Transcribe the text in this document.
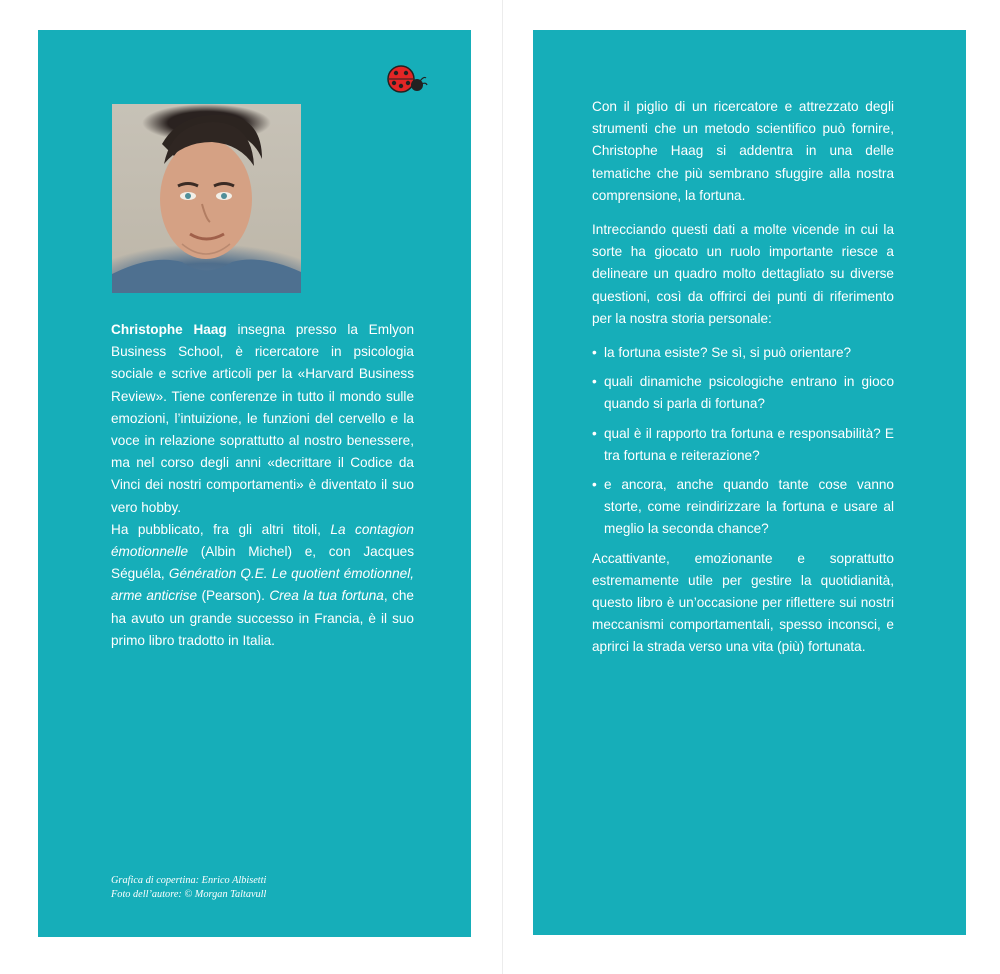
Christophe Haag insegna presso la Emlyon Business School, è ricercatore in psicologia sociale e scrive articoli per la «Harvard Business Review». Tiene conferenze in tutto il mondo sulle emozioni, l’intuizione, le funzioni del cervello e la voce in relazione soprattutto al nostro benessere, ma nel corso degli anni «decrittare il Codice da Vinci dei nostri comportamenti» è diventato il suo vero hobby.

Ha pubblicato, fra gli altri titoli, La contagion émotionnelle (Albin Michel) e, con Jacques Séguéla, Génération Q.E. Le quotient émotionnel, arme anticrise (Pearson). Crea la tua fortuna, che ha avuto un grande successo in Francia, è il suo primo libro tradotto in Italia.

Grafica di copertina: Enrico Albisetti
Foto dell’autore: © Morgan Taltavull

Con il piglio di un ricercatore e attrezzato degli strumenti che un metodo scientifico può fornire, Christophe Haag si addentra in una delle tematiche che più sembrano sfuggire alla nostra comprensione, la fortuna.

Intrecciando questi dati a molte vicende in cui la sorte ha giocato un ruolo importante riesce a delineare un quadro molto dettagliato su diverse questioni, così da offrirci dei punti di riferimento per la nostra storia personale:

• la fortuna esiste? Se sì, si può orientare?
• quali dinamiche psicologiche entrano in gioco quando si parla di fortuna?
• qual è il rapporto tra fortuna e responsabilità? E tra fortuna e reiterazione?
• e ancora, anche quando tante cose vanno storte, come reindirizzare la fortuna e usare al meglio la seconda chance?

Accattivante, emozionante e soprattutto estremamente utile per gestire la quotidianità, questo libro è un’occasione per riflettere sui nostri meccanismi comportamentali, spesso inconsci, e aprirci la strada verso una vita (più) fortunata.
